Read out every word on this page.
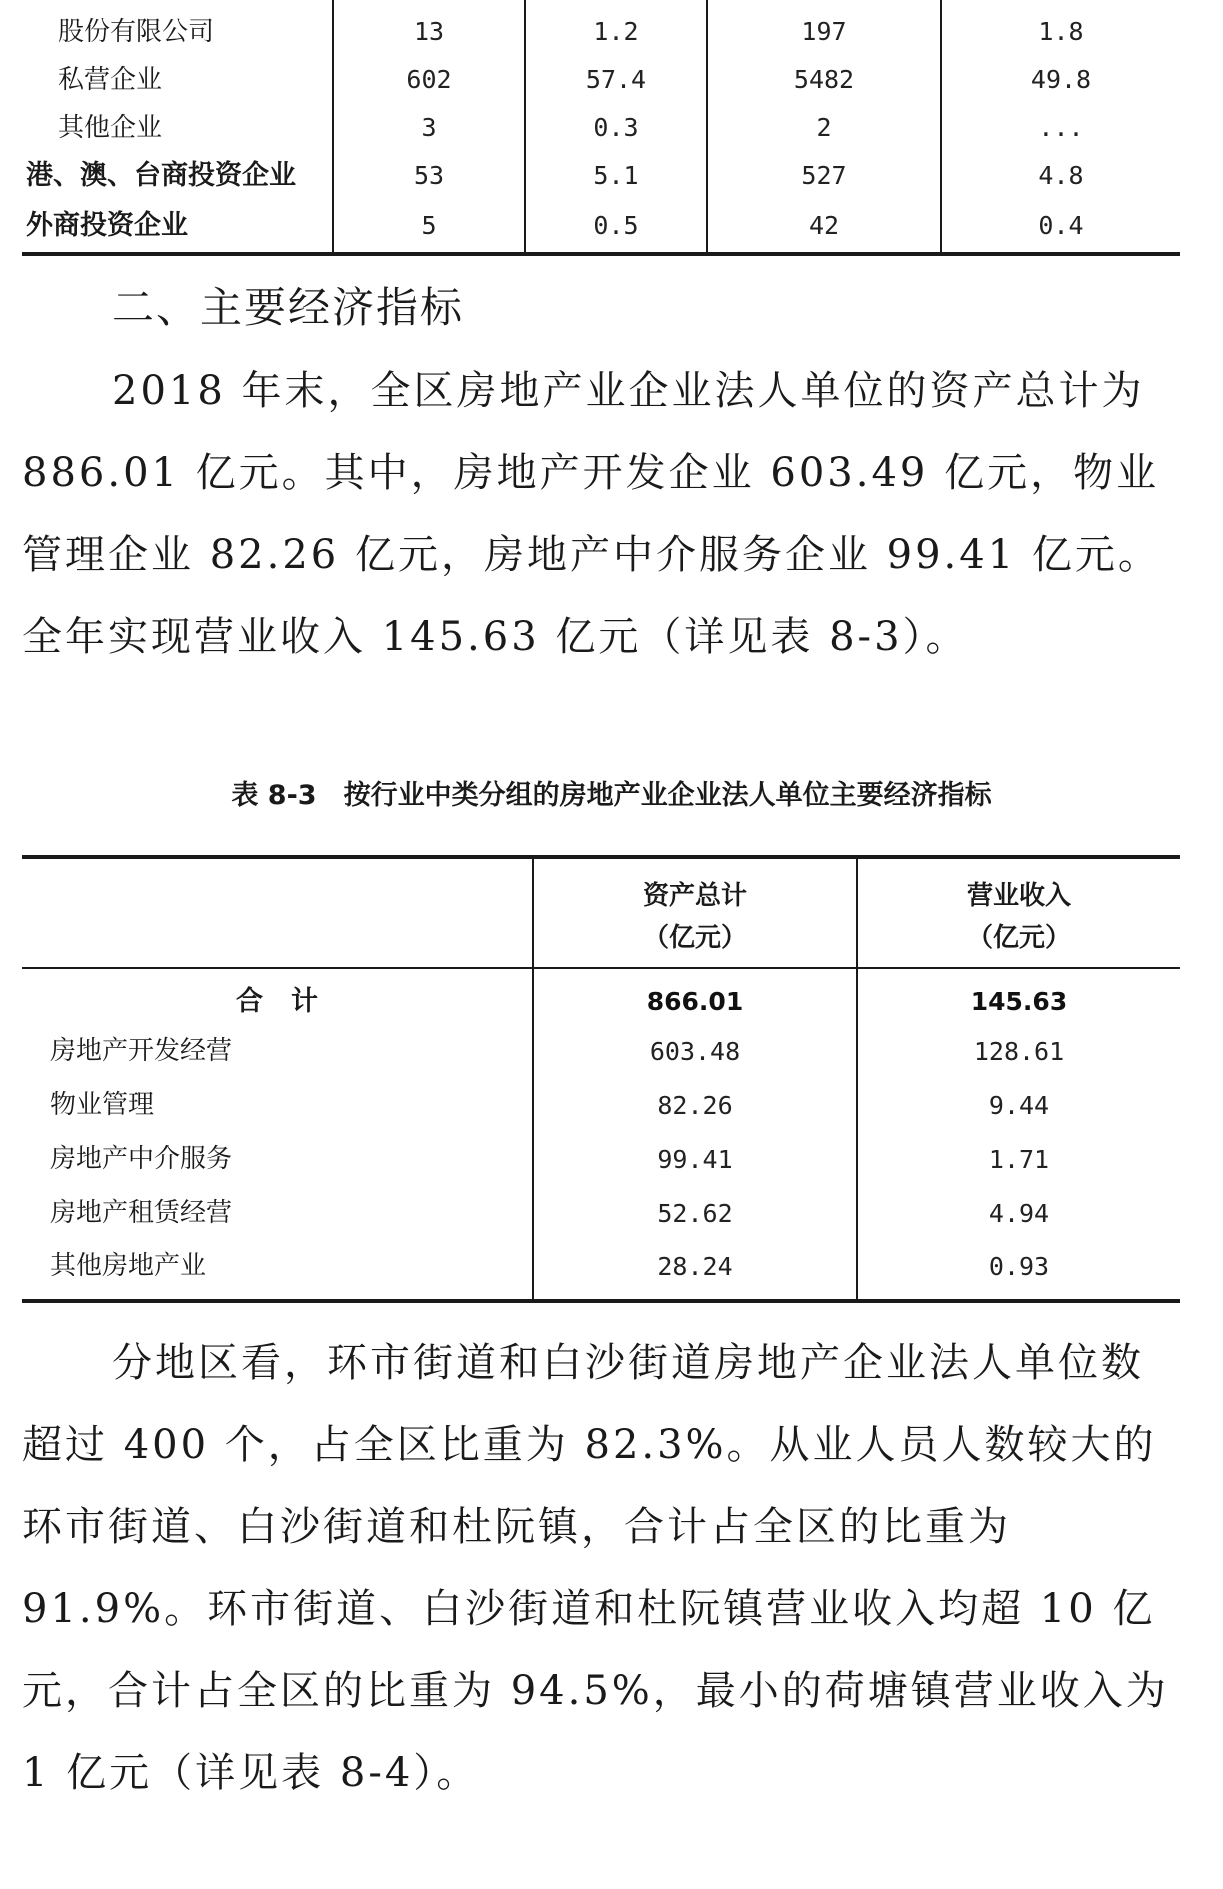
股份有限公司	13	1.2	197	1.8
私营企业	602	57.4	5482	49.8
其他企业	3	0.3	2	...
港、澳、台商投资企业	53	5.1	527	4.8
外商投资企业	5	0.5	42	0.4
二、主要经济指标

2018 年末，全区房地产业企业法人单位的资产总计为 886.01 亿元。其中，房地产开发企业 603.49 亿元，物业管理企业 82.26 亿元，房地产中介服务企业 99.41 亿元。全年实现营业收入 145.63 亿元（详见表 8-3）。

表 8-3　按行业中类分组的房地产业企业法人单位主要经济指标
资产总计
（亿元）
营业收入
（亿元）
合计	866.01	145.63
房地产开发经营	603.48	128.61
物业管理	82.26	9.44
房地产中介服务	99.41	1.71
房地产租赁经营	52.62	4.94
其他房地产业	28.24	0.93

分地区看，环市街道和白沙街道房地产企业法人单位数超过 400 个，占全区比重为 82.3%。从业人员人数较大的环市街道、白沙街道和杜阮镇，合计占全区的比重为 91.9%。环市街道、白沙街道和杜阮镇营业收入均超 10 亿元，合计占全区的比重为 94.5%，最小的荷塘镇营业收入为 1 亿元（详见表 8-4）。
